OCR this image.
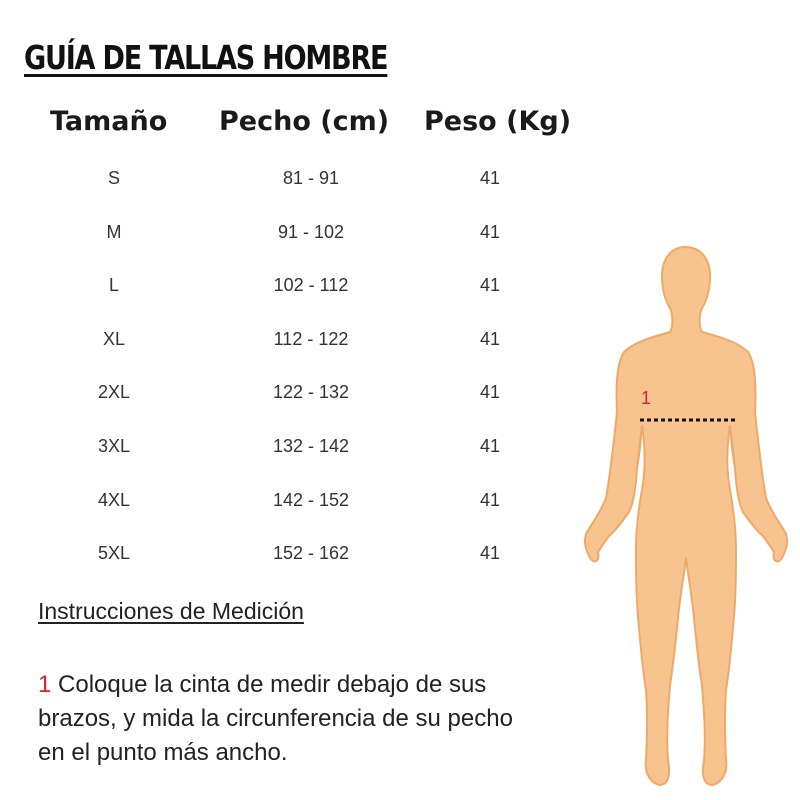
GUÍA DE TALLAS HOMBRE
Tamaño Pecho (cm) Peso (Kg)
S	81 - 91	41
M	91 - 102	41
L	102 - 112	41
XL	112 - 122	41
2XL	122 - 132	41
3XL	132 - 142	41
4XL	142 - 152	41
5XL	152 - 162	41
Instrucciones de Medición
1 Coloque la cinta de medir debajo de sus brazos, y mida la circunferencia de su pecho en el punto más ancho.
1
